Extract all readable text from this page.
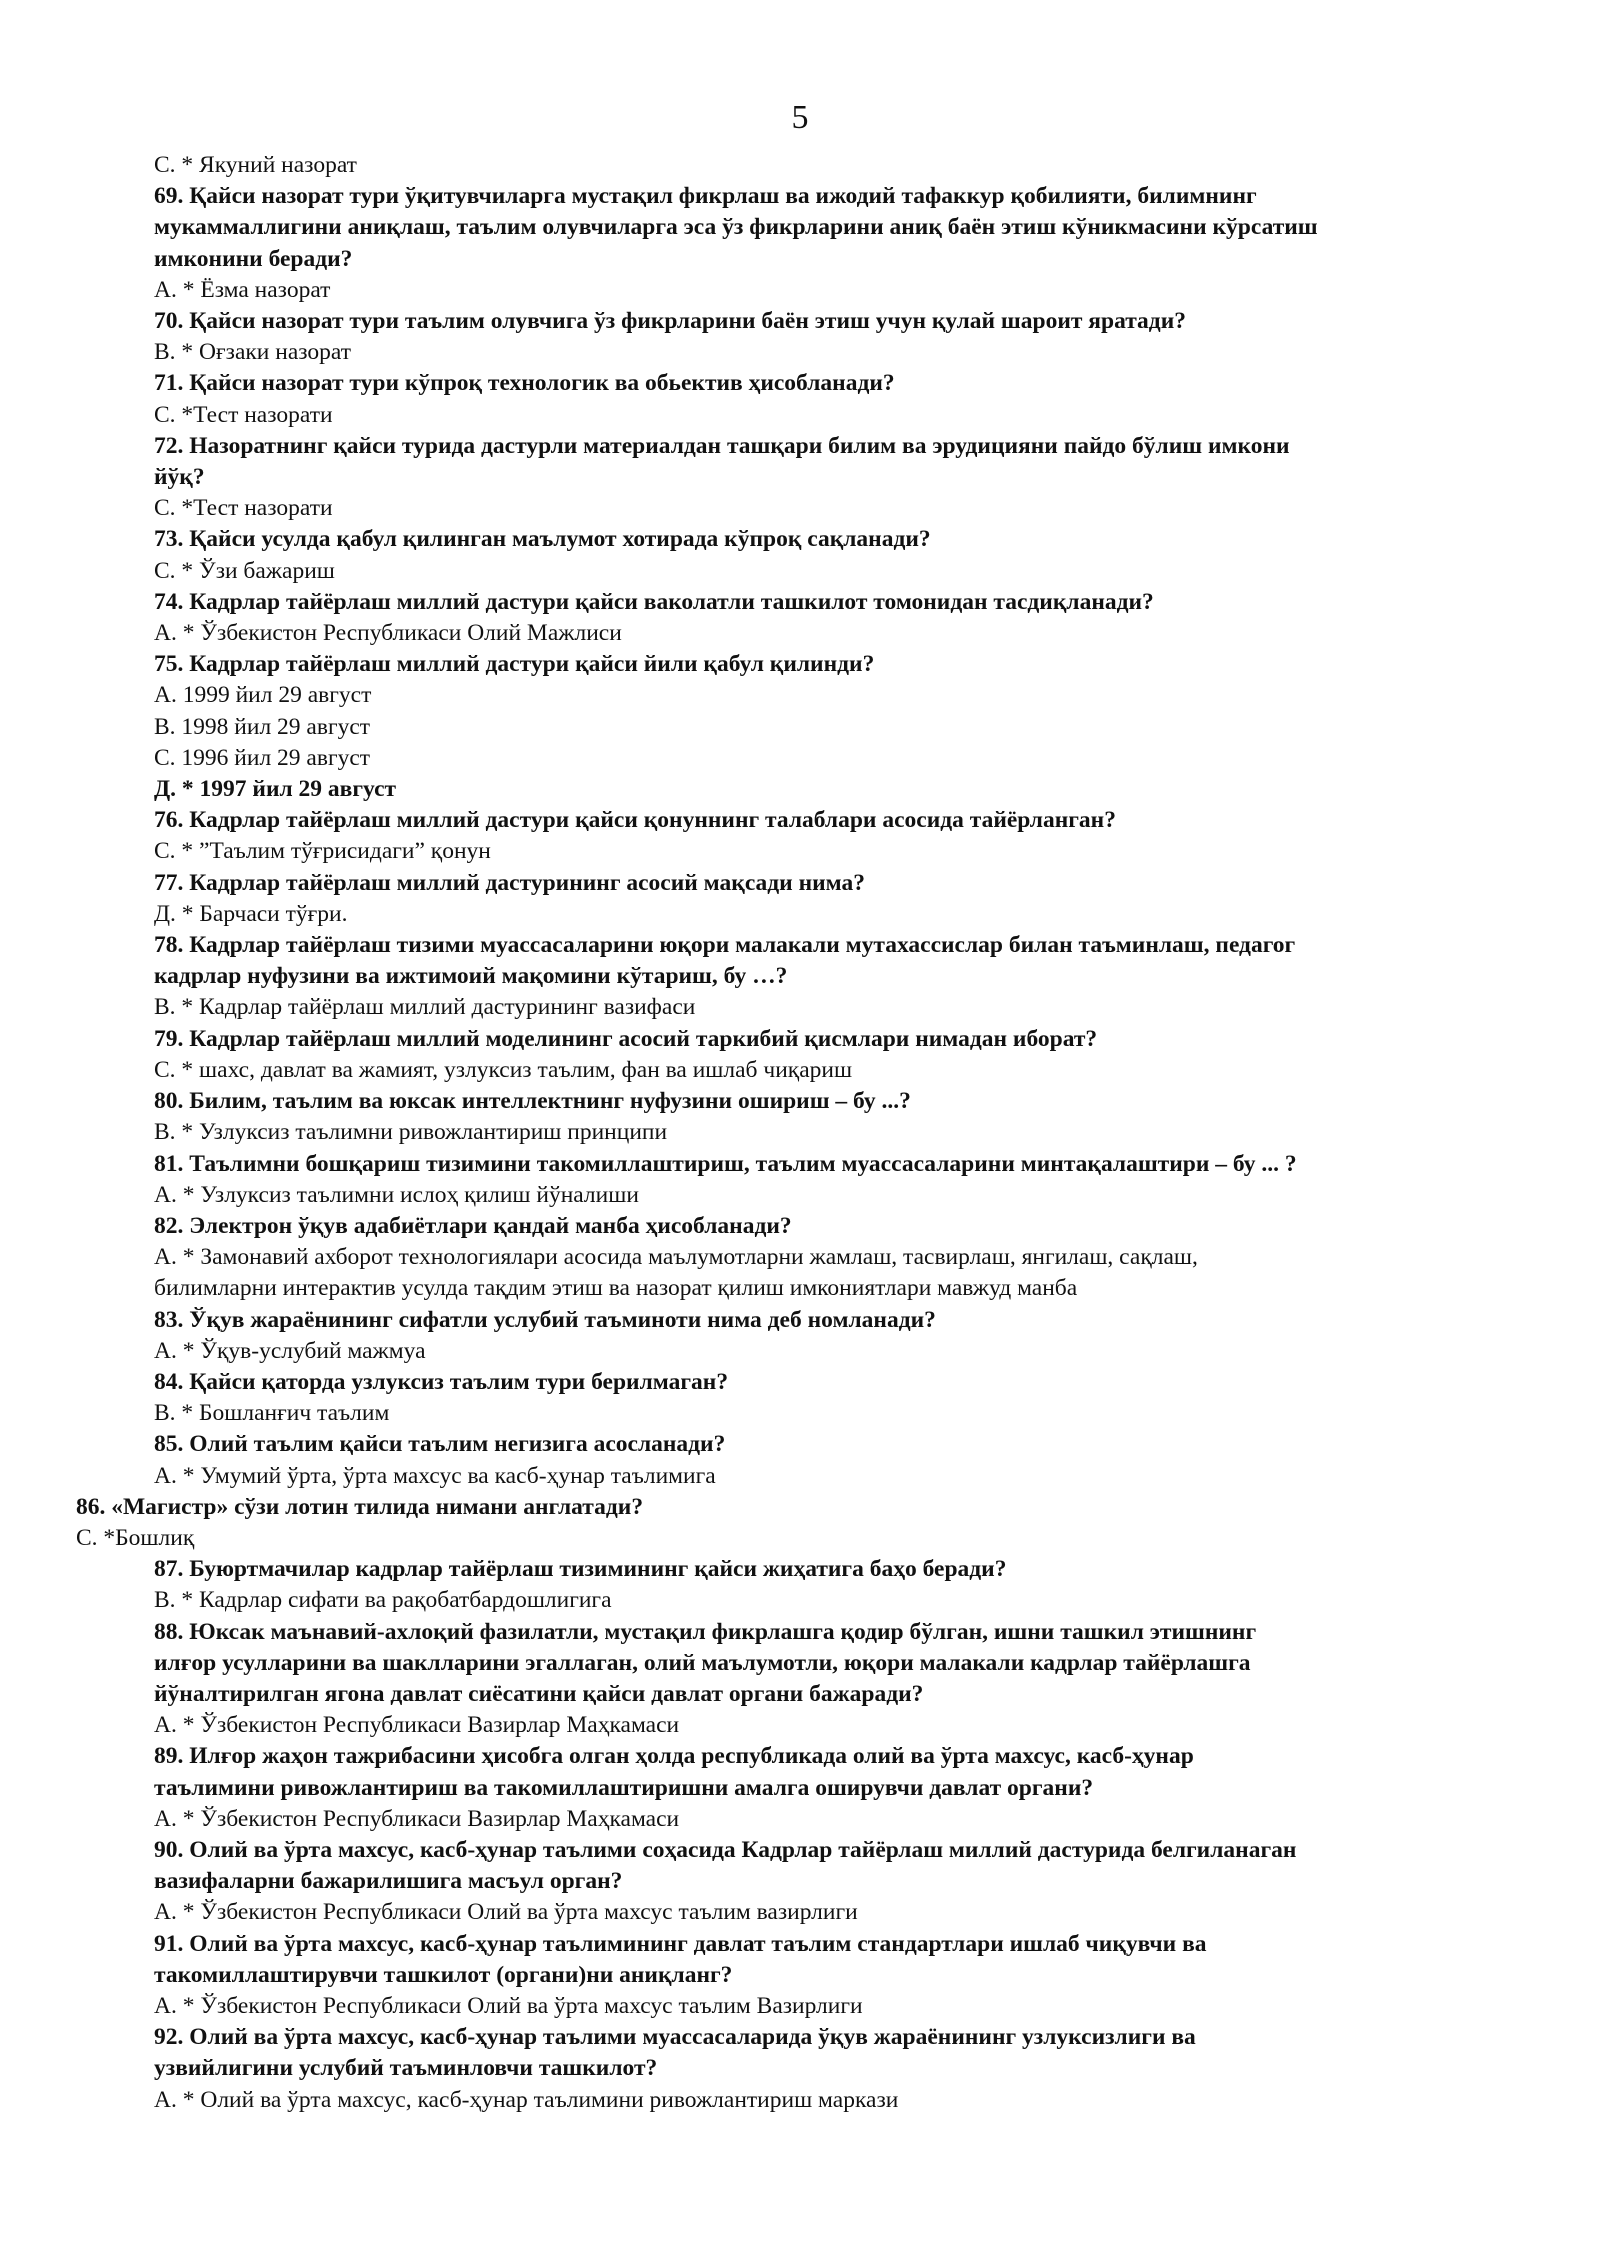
5
С. * Якуний назорат
69. Қайси назорат тури ўқитувчиларга мустақил фикрлаш ва ижодий тафаккур қобилияти, билимнинг
мукаммаллигини аниқлаш, таълим олувчиларга эса ўз фикрларини аниқ баён этиш кўникмасини кўрсатиш
имконини беради?
А. * Ёзма назорат
70. Қайси назорат тури таълим олувчига ўз фикрларини баён этиш учун қулай шароит яратади?
В. * Оғзаки назорат
71. Қайси назорат тури кўпроқ технологик ва обьектив ҳисобланади?
С. *Тест назорати
72. Назоратнинг қайси турида дастурли материалдан ташқари билим ва эрудицияни пайдо бўлиш имкони
йўқ?
С. *Тест назорати
73. Қайси усулда қабул қилинган маълумот хотирада кўпроқ сақланади?
С. * Ўзи бажариш
74. Кадрлар тайёрлаш миллий дастури қайси ваколатли ташкилот томонидан тасдиқланади?
А. * Ўзбекистон Республикаси Олий Мажлиси
75. Кадрлар тайёрлаш миллий дастури қайси йили қабул қилинди?
А. 1999 йил 29 август
В. 1998 йил 29 август
С. 1996 йил 29 август
Д. * 1997 йил 29 август
76. Кадрлар тайёрлаш миллий дастури қайси қонуннинг талаблари асосида тайёрланган?
С. * ”Таълим тўғрисидаги” қонун
77. Кадрлар тайёрлаш миллий дастурининг асосий мақсади нима?
Д. * Барчаси тўғри.
78. Кадрлар тайёрлаш тизими муассасаларини юқори малакали мутахассислар билан таъминлаш, педагог
кадрлар нуфузини ва ижтимоий мақомини кўтариш, бу …?
В. * Кадрлар тайёрлаш миллий дастурининг вазифаси
79. Кадрлар тайёрлаш миллий моделининг асосий таркибий қисмлари нимадан иборат?
С. * шахс, давлат ва жамият, узлуксиз таълим, фан ва ишлаб чиқариш
80. Билим, таълим ва юксак интеллектнинг нуфузини ошириш – бу ...?
В. * Узлуксиз таълимни ривожлантириш принципи
81. Таълимни бошқариш тизимини такомиллаштириш, таълим муассасаларини минтақалаштири – бу ... ?
А. * Узлуксиз таълимни ислоҳ қилиш йўналиши
82. Электрон ўқув адабиётлари қандай манба ҳисобланади?
А. * Замонавий ахборот технологиялари асосида маълумотларни жамлаш, тасвирлаш, янгилаш, сақлаш,
билимларни интерактив усулда тақдим этиш ва назорат қилиш имкониятлари мавжуд манба
83. Ўқув жараёнининг сифатли услубий таъминоти нима деб номланади?
А. * Ўқув-услубий мажмуа
84. Қайси қаторда узлуксиз таълим тури берилмаган?
В. * Бошланғич таълим
85. Олий таълим қайси таълим негизига асосланади?
А. * Умумий ўрта, ўрта махсус ва касб-ҳунар таълимига
86. «Магистр» сўзи лотин тилида нимани англатади?
С. *Бошлиқ
87. Буюртмачилар кадрлар тайёрлаш тизимининг қайси жиҳатига баҳо беради?
В. * Кадрлар сифати ва рақобатбардошлигига
88. Юксак маънавий-ахлоқий фазилатли, мустақил фикрлашга қодир бўлган, ишни ташкил этишнинг
илғор усулларини ва шаклларини эгаллаган, олий маълумотли, юқори малакали кадрлар тайёрлашга
йўналтирилган ягона давлат сиёсатини қайси давлат органи бажаради?
А. * Ўзбекистон Республикаси Вазирлар Маҳкамаси
89. Илғор жаҳон тажрибасини ҳисобга олган ҳолда республикада олий ва ўрта махсус, касб-ҳунар
таълимини ривожлантириш ва такомиллаштиришни амалга оширувчи давлат органи?
А. * Ўзбекистон Республикаси Вазирлар Маҳкамаси
90. Олий ва ўрта махсус, касб-ҳунар таълими соҳасида Кадрлар тайёрлаш миллий дастурида белгиланаган
вазифаларни бажарилишига масъул орган?
А. * Ўзбекистон Республикаси Олий ва ўрта махсус таълим вазирлиги
91. Олий ва ўрта махсус, касб-ҳунар таълимининг давлат таълим стандартлари ишлаб чиқувчи ва
такомиллаштирувчи ташкилот (органи)ни аниқланг?
А. * Ўзбекистон Республикаси Олий ва ўрта махсус таълим Вазирлиги
92. Олий ва ўрта махсус, касб-ҳунар таълими муассасаларида ўқув жараёнининг узлуксизлиги ва
узвийлигини услубий таъминловчи ташкилот?
А. * Олий ва ўрта махсус, касб-ҳунар таълимини ривожлантириш маркази
